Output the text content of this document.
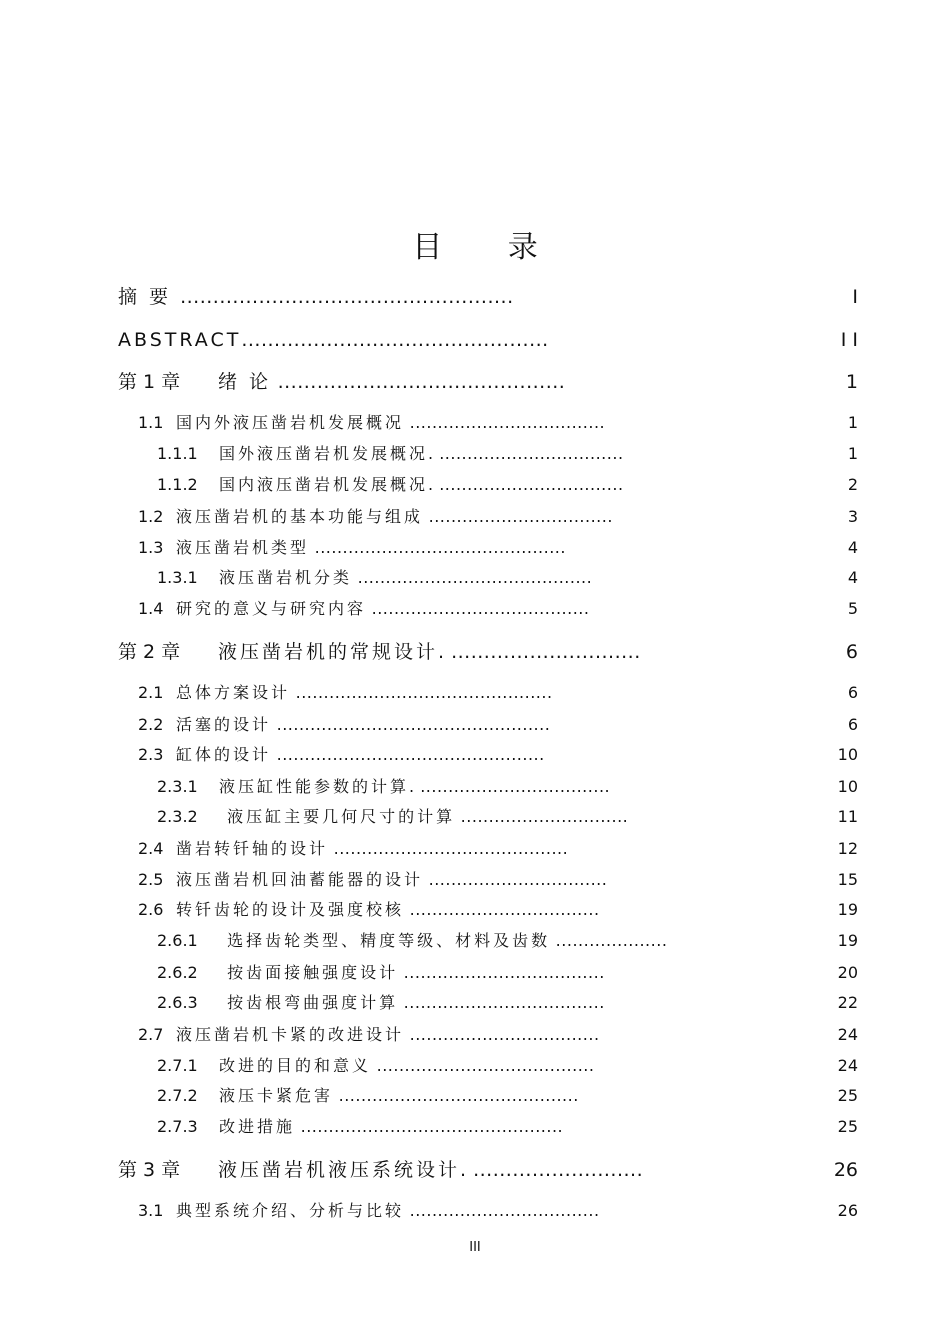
目 录
摘 要 ...................................................	I
ABSTRACT...............................................	I I
第 1 章 绪 论 ............................................	1
1.1 国内外液压凿岩机发展概况 ...................................	1
1.1.1 国外液压凿岩机发展概况. .................................	1
1.1.2 国内液压凿岩机发展概况. .................................	2
1.2 液压凿岩机的基本功能与组成 .................................	3
1.3 液压凿岩机类型 .............................................	4
1.3.1 液压凿岩机分类 ..........................................	4
1.4 研究的意义与研究内容 .......................................	5
第 2 章 液压凿岩机的常规设计. .............................	6
2.1 总体方案设计 ..............................................	6
2.2 活塞的设计 .................................................	6
2.3 缸体的设计 ................................................	10
2.3.1 液压缸性能参数的计算. ..................................	10
2.3.2 液压缸主要几何尺寸的计算 ..............................	11
2.4 凿岩转钎轴的设计 ..........................................	12
2.5 液压凿岩机回油蓄能器的设计 ................................	15
2.6 转钎齿轮的设计及强度校核 ..................................	19
2.6.1 选择齿轮类型、精度等级、材料及齿数 ....................	19
2.6.2 按齿面接触强度设计 ....................................	20
2.6.3 按齿根弯曲强度计算 ....................................	22
2.7 液压凿岩机卡紧的改进设计 ..................................	24
2.7.1 改进的目的和意义 .......................................	24
2.7.2 液压卡紧危害 ...........................................	25
2.7.3 改进措施 ...............................................	25
第 3 章 液压凿岩机液压系统设计. ..........................	26
3.1 典型系统介绍、分析与比较 ..................................	26
III
